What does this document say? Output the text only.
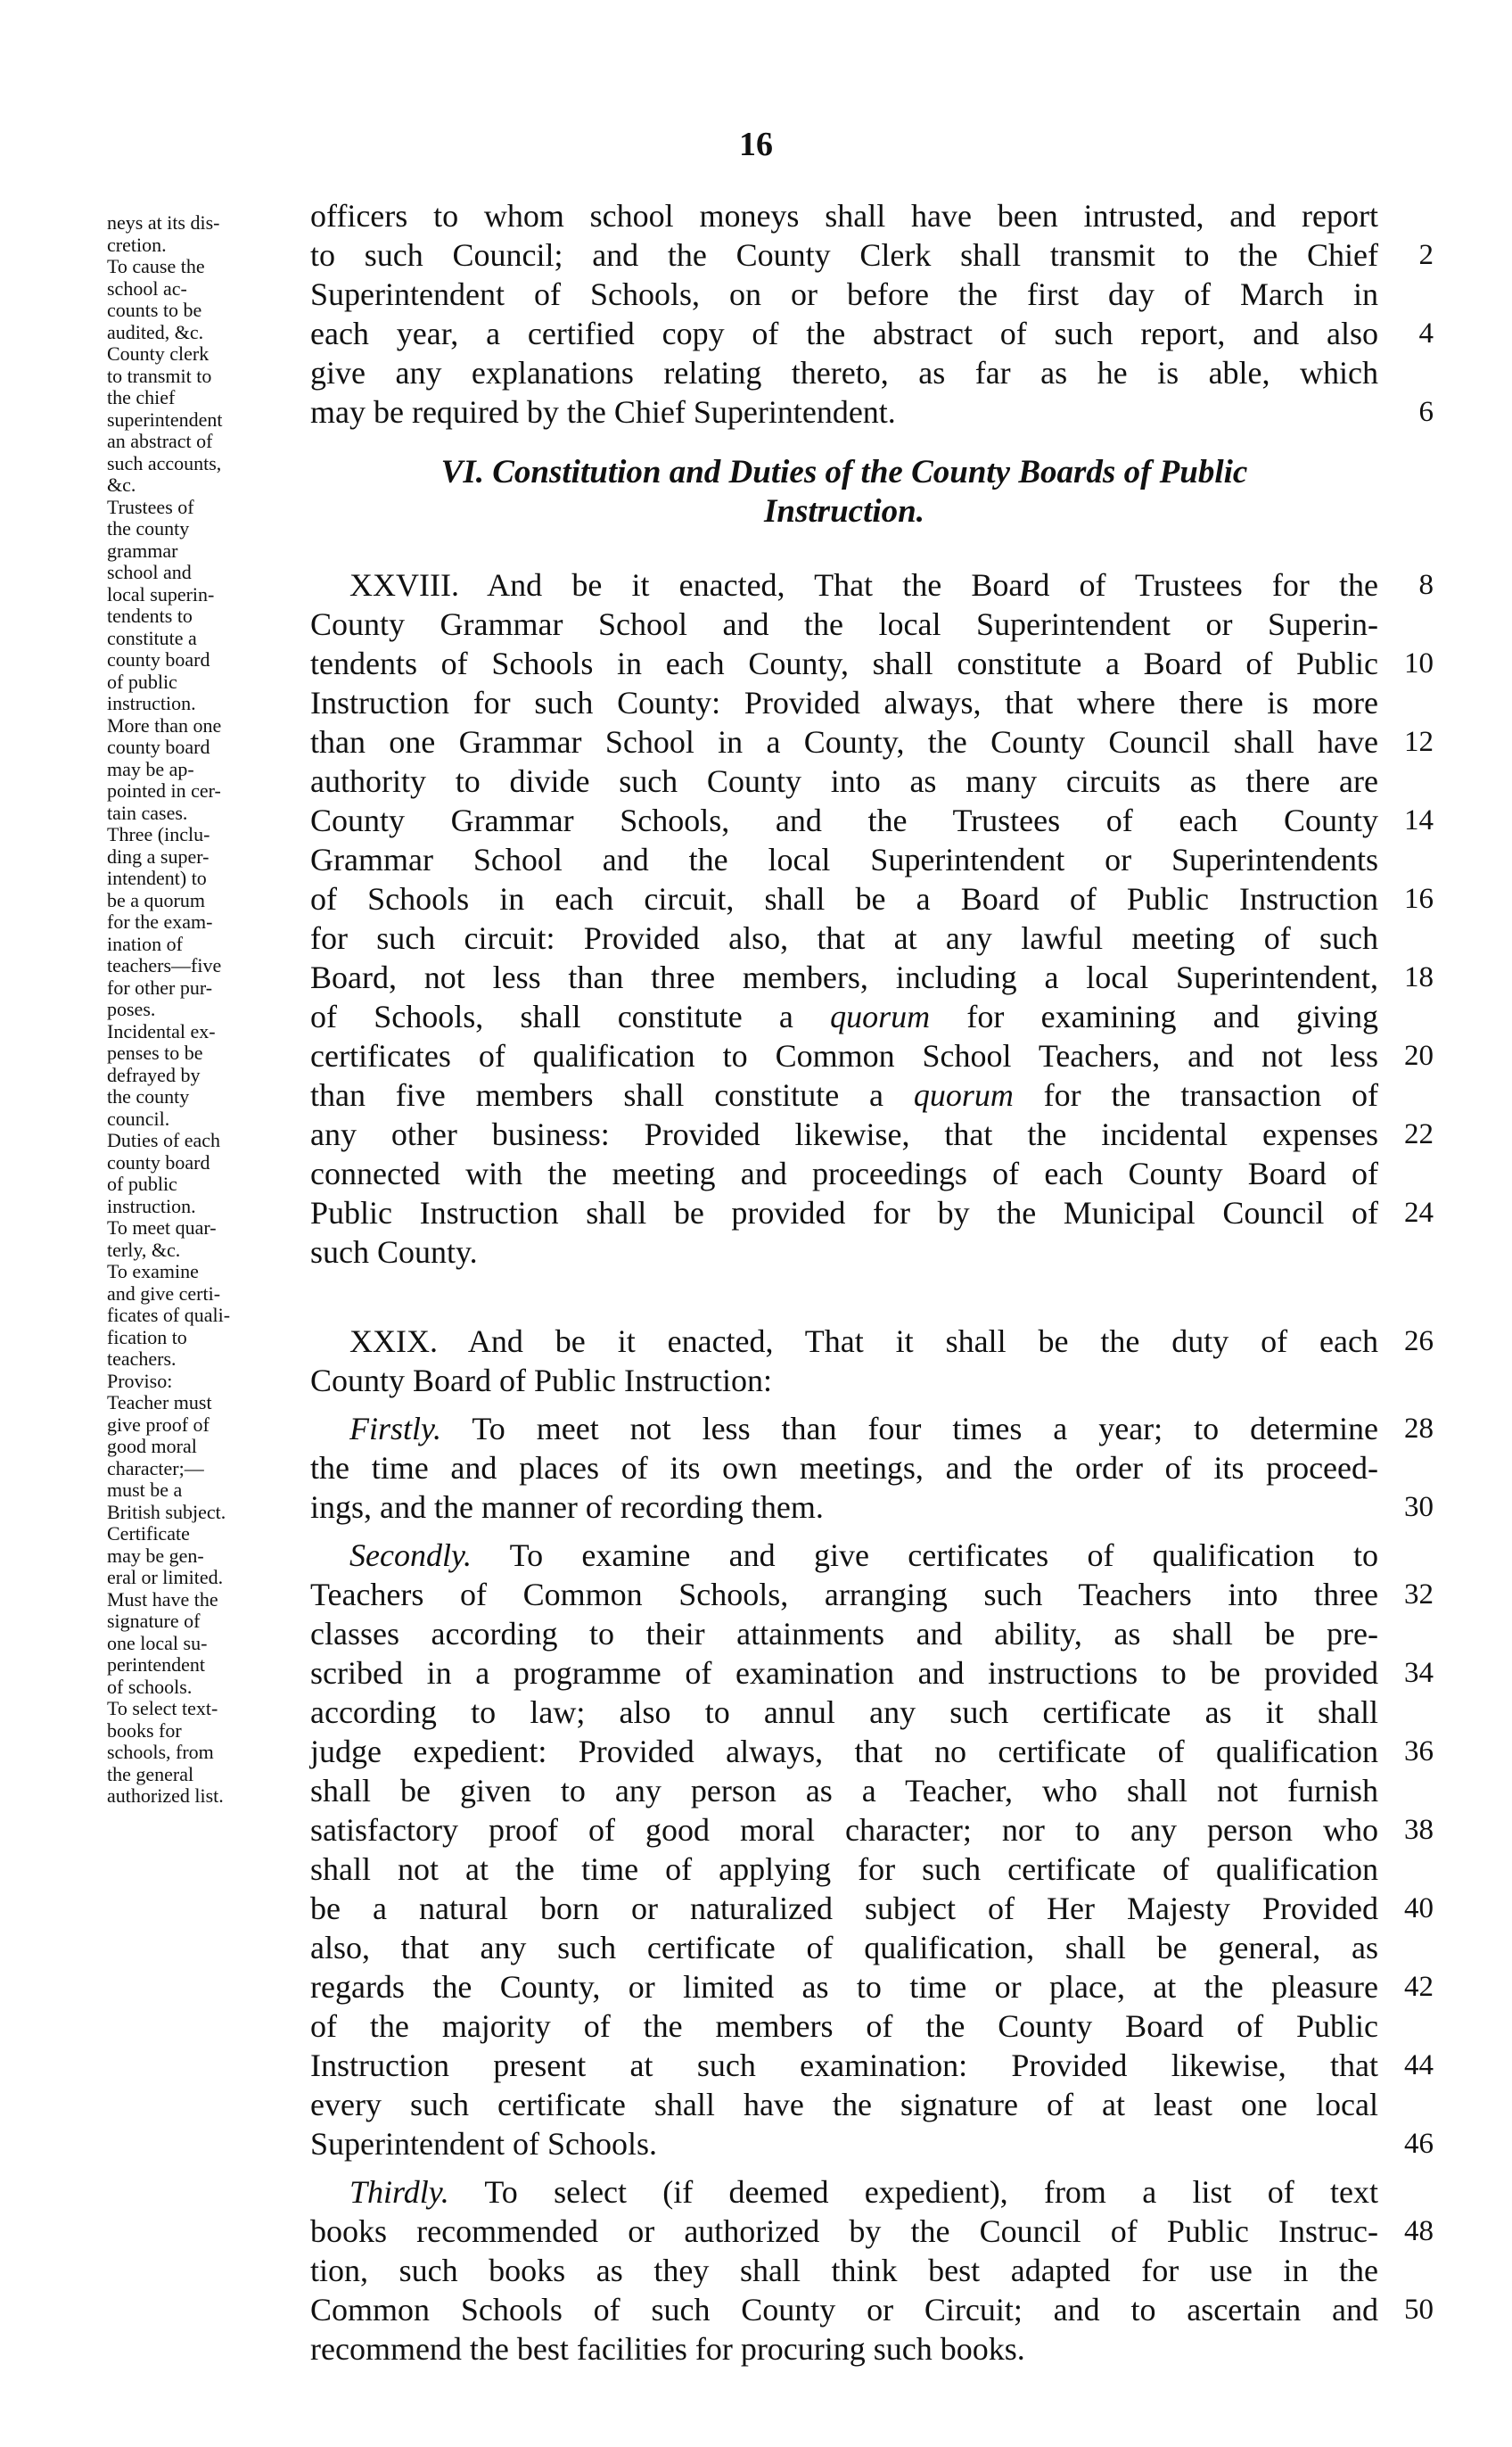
16

neys at its dis-
cretion.

To cause the
school ac-
counts to be
audited, &c.

County clerk
to transmit to
the chief
superintendent
an abstract of
such accounts,
&c.

Trustees of
the county
grammar
school and
local superin-
tendents to
constitute a
county board
of public
instruction.

More than one
county board
may be ap-
pointed in cer-
tain cases.

Three (inclu-
ding a super-
intendent) to
be a quorum
for the exam-
ination of
teachers—five
for other pur-
poses.

Incidental ex-
penses to be
defrayed by
the county
council.

Duties of each
county board
of public
instruction.

To meet quar-
terly, &c.

To examine
and give certi-
ficates of quali-
fication to
teachers.

Proviso:
Teacher must
give proof of
good moral
character;—
must be a
British subject.

Certificate
may be gen-
eral or limited.

Must have the
signature of
one local su-
perintendent
of schools.

To select text-
books for
schools, from
the general
authorized list.

officers to whom school moneys shall have been intrusted, and report
to such Council; and the County Clerk shall transmit to the Chief	2
Superintendent of Schools, on or before the first day of March in
each year, a certified copy of the abstract of such report, and also	4
give any explanations relating thereto, as far as he is able, which
may be required by the Chief Superintendent.	6
VI. Constitution and Duties of the County Boards of Public
Instruction.
XXVIII. And be it enacted, That the Board of Trustees for the	8
County Grammar School and the local Superintendent or Superin-
tendents of Schools in each County, shall constitute a Board of Public 10
Instruction for such County: Provided always, that where there is more
than one Grammar School in a County, the County Council shall have 12
authority to divide such County into as many circuits as there are
County Grammar Schools, and the Trustees of each County 14
Grammar School and the local Superintendent or Superintendents
of Schools in each circuit, shall be a Board of Public Instruction 16
for such circuit: Provided also, that at any lawful meeting of such
Board, not less than three members, including a local Superintendent, 18
of Schools, shall constitute a quorum for examining and giving
certificates of qualification to Common School Teachers, and not less 20
than five members shall constitute a quorum for the transaction of
any other business: Provided likewise, that the incidental expenses 22
connected with the meeting and proceedings of each County Board of
Public Instruction shall be provided for by the Municipal Council of 24
such County.
XXIX. And be it enacted, That it shall be the duty of each 26
County Board of Public Instruction:
Firstly. To meet not less than four times a year; to determine 28
the time and places of its own meetings, and the order of its proceed-
ings, and the manner of recording them.	30
Secondly. To examine and give certificates of qualification to
Teachers of Common Schools, arranging such Teachers into three 32
classes according to their attainments and ability, as shall be pre-
scribed in a programme of examination and instructions to be provided 34
according to law; also to annul any such certificate as it shall
judge expedient: Provided always, that no certificate of qualification 36
shall be given to any person as a Teacher, who shall not furnish
satisfactory proof of good moral character; nor to any person who 38
shall not at the time of applying for such certificate of qualification
be a natural born or naturalized subject of Her Majesty Provided 40
also, that any such certificate of qualification, shall be general, as
regards the County, or limited as to time or place, at the pleasure 42
of the majority of the members of the County Board of Public
Instruction present at such examination: Provided likewise, that 44
every such certificate shall have the signature of at least one local
Superintendent of Schools.	46
Thirdly. To select (if deemed expedient), from a list of text
books recommended or authorized by the Council of Public Instruc- 48
tion, such books as they shall think best adapted for use in the
Common Schools of such County or Circuit; and to ascertain and 50
recommend the best facilities for procuring such books.
